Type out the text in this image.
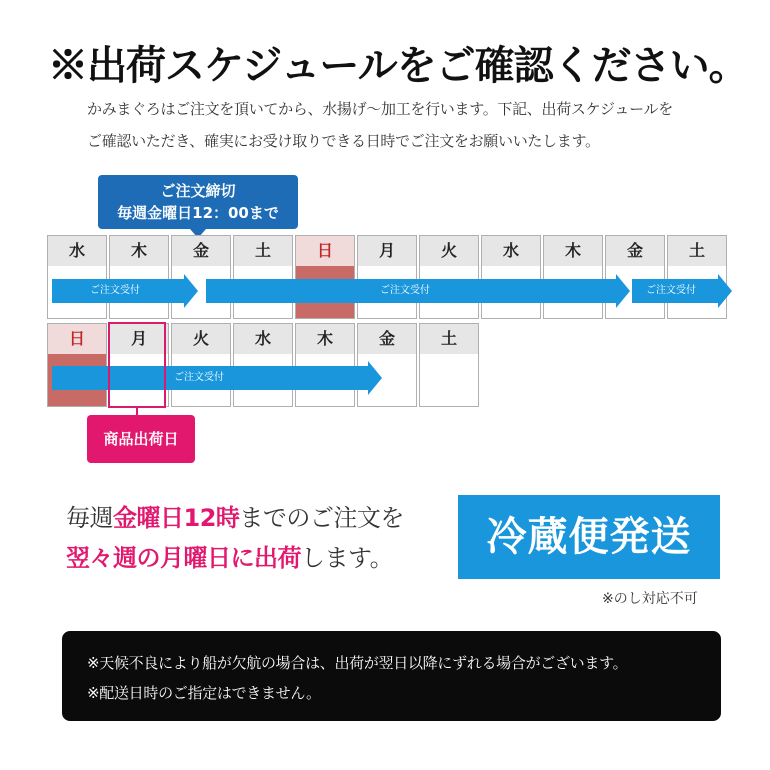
※出荷スケジュールをご確認ください。
かみまぐろはご注文を頂いてから、水揚げ〜加工を行います。下記、出荷スケジュールを
ご確認いただき、確実にお受け取りできる日時でご注文をお願いいたします。
ご注文締切
毎週金曜日12：00まで
水	木	金	土	日	月	火	水	木	金	土
日	月	火	水	木	金	土
ご注文受付	ご注文受付	ご注文受付
ご注文受付
商品出荷日
毎週金曜日12時までのご注文を
翌々週の月曜日に出荷します。	冷蔵便発送
※のし対応不可
※天候不良により船が欠航の場合は、出荷が翌日以降にずれる場合がございます。
※配送日時のご指定はできません。
